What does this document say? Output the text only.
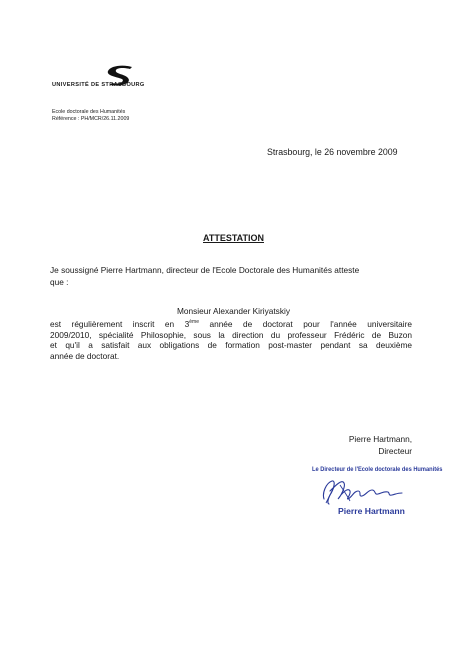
UNIVERSITÉ DE STRASBOURG
Ecole doctorale des Humanités
Référence : PH/MCR/26.11.2009
Strasbourg, le 26 novembre 2009
ATTESTATION
Je soussigné Pierre Hartmann, directeur de l'Ecole Doctorale des Humanités atteste
que :
Monsieur Alexander Kiriyatskiy
est régulièrement inscrit en 3ème année de doctorat pour l'année universitaire
2009/2010, spécialité Philosophie, sous la direction du professeur Frédéric de Buzon
et qu'il a satisfait aux obligations de formation post-master pendant sa deuxième
année de doctorat.
Pierre Hartmann,
Directeur
Le Directeur de l'Ecole doctorale des Humanités
Pierre Hartmann
